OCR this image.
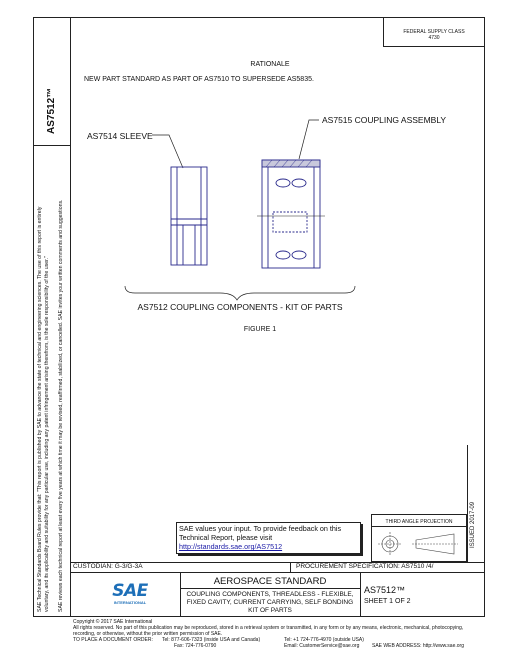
FEDERAL SUPPLY CLASS
4730
AS7512™
SAE Technical Standards Board Rules provide that: "This report is published by SAE to advance the state of technical and engineering sciences. The use of this report is entirely voluntary, and its applicability and suitability for any particular use, including any patent infringement arising therefrom, is the sole responsibility of the user." SAE reviews each technical report at least every five years at which time it may be revised, reaffirmed, stabilized, or cancelled. SAE invites your written comments and suggestions.	ISSUED 2017-09
RATIONALE
NEW PART STANDARD AS PART OF AS7510 TO SUPERSEDE AS5835.
AS7514 SLEEVE
AS7515 COUPLING ASSEMBLY
AS7512 COUPLING COMPONENTS - KIT OF PARTS
FIGURE 1
SAE values your input. To provide feedback on this
Technical Report, please visit
http://standards.sae.org/AS7512
THIRD ANGLE PROJECTION
CUSTODIAN: G-3/G-3A	PROCUREMENT SPECIFICATION: AS7510 /4/
SAE
INTERNATIONAL
AEROSPACE STANDARD
COUPLING COMPONENTS, THREADLESS - FLEXIBLE,
FIXED CAVITY, CURRENT CARRYING, SELF BONDING
KIT OF PARTS
AS7512™
SHEET 1 OF 2
Copyright © 2017 SAE International
All rights reserved. No part of this publication may be reproduced, stored in a retrieval system or transmitted, in any form or by any means, electronic, mechanical, photocopying,
recording, or otherwise, without the prior written permission of SAE.
TO PLACE A DOCUMENT ORDER: Tel: 877-606-7323 (inside USA and Canada)	Tel: +1 724-776-4970 (outside USA)
Fax: 724-776-0790	Email: CustomerService@sae.org	SAE WEB ADDRESS: http://www.sae.org
